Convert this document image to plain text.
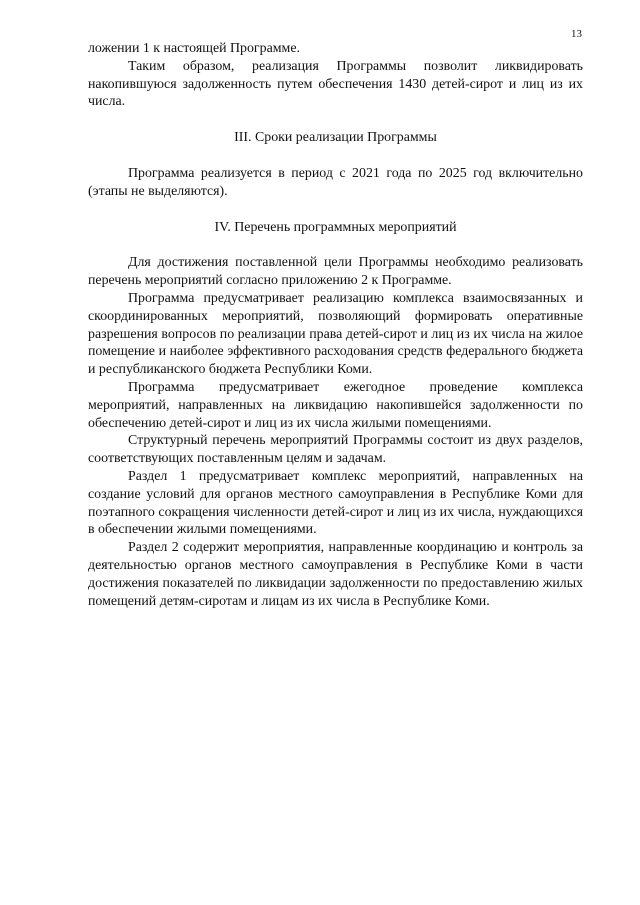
13

ложении 1 к настоящей Программе.

Таким образом, реализация Программы позволит ликвидировать накопившуюся задолженность путем обеспечения 1430 детей-сирот и лиц из их числа.

III. Сроки реализации Программы

Программа реализуется в период с 2021 года по 2025 год включительно (этапы не выделяются).

IV. Перечень программных мероприятий

Для достижения поставленной цели Программы необходимо реализовать перечень мероприятий согласно приложению 2 к Программе.

Программа предусматривает реализацию комплекса взаимосвязанных и скоординированных мероприятий, позволяющий формировать оперативные разрешения вопросов по реализации права детей-сирот и лиц из их числа на жилое помещение и наиболее эффективного расходования средств федерального бюджета и республиканского бюджета Республики Коми.

Программа предусматривает ежегодное проведение комплекса мероприятий, направленных на ликвидацию накопившейся задолженности по обеспечению детей-сирот и лиц из их числа жилыми помещениями.

Структурный перечень мероприятий Программы состоит из двух разделов, соответствующих поставленным целям и задачам.

Раздел 1 предусматривает комплекс мероприятий, направленных на создание условий для органов местного самоуправления в Республике Коми для поэтапного сокращения численности детей-сирот и лиц из их числа, нуждающихся в обеспечении жилыми помещениями.

Раздел 2 содержит мероприятия, направленные координацию и контроль за деятельностью органов местного самоуправления в Республике Коми в части достижения показателей по ликвидации задолженности по предоставлению жилых помещений детям-сиротам и лицам из их числа в Республике Коми.
